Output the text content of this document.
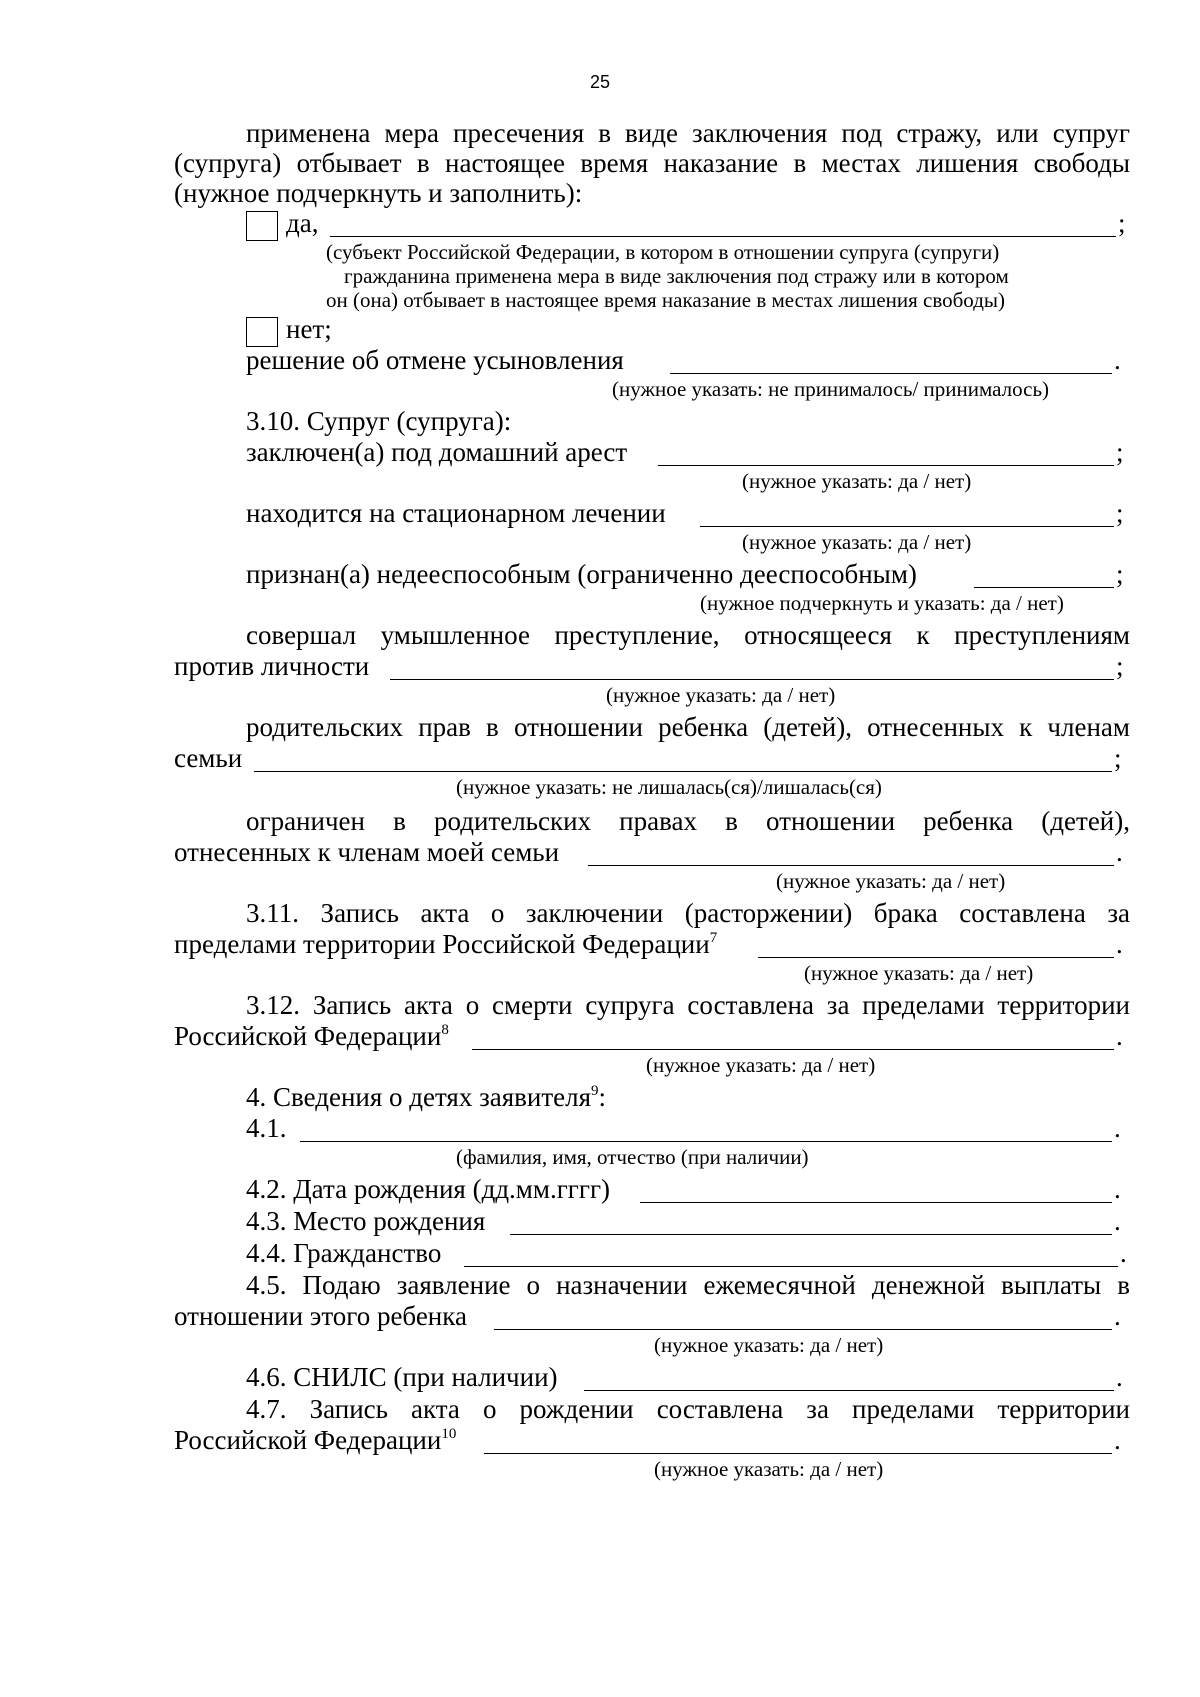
25
применена мера пресечения в виде заключения под стражу, или супруг
(супруга) отбывает в настоящее время наказание в местах лишения свободы
(нужное подчеркнуть и заполнить):
да,	;
(субъект Российской Федерации, в котором в отношении супруга (супруги)
гражданина применена мера в виде заключения под стражу или в котором
он (она) отбывает в настоящее время наказание в местах лишения свободы)
нет;
решение об отмене усыновления	.
(нужное указать: не принималось/ принималось)
3.10. Супруг (супруга):
заключен(а) под домашний арест	;
(нужное указать: да / нет)
находится на стационарном лечении	;
(нужное указать: да / нет)
признан(а) недееспособным (ограниченно дееспособным)	;
(нужное подчеркнуть и указать: да / нет)
совершал умышленное преступление, относящееся к преступлениям
против личности	;
(нужное указать: да / нет)
родительских прав в отношении ребенка (детей), отнесенных к членам
семьи	;
(нужное указать: не лишалась(ся)/лишалась(ся)
ограничен в родительских правах в отношении ребенка (детей),
отнесенных к членам моей семьи	.
(нужное указать: да / нет)
3.11. Запись акта о заключении (расторжении) брака составлена за
пределами территории Российской Федерации$^7$	.
(нужное указать: да / нет)
3.12. Запись акта о смерти супруга составлена за пределами территории
Российской Федерации$^8$	.
(нужное указать: да / нет)
4. Сведения о детях заявителя$^9$:
4.1.	.
(фамилия, имя, отчество (при наличии)
4.2. Дата рождения (дд.мм.гггг)	.
4.3. Место рождения	.
4.4. Гражданство	.
4.5. Подаю заявление о назначении ежемесячной денежной выплаты в
отношении этого ребенка	.
(нужное указать: да / нет)
4.6. СНИЛС (при наличии)	.
4.7. Запись акта о рождении составлена за пределами территории
Российской Федерации$^{10}$	.
(нужное указать: да / нет)
